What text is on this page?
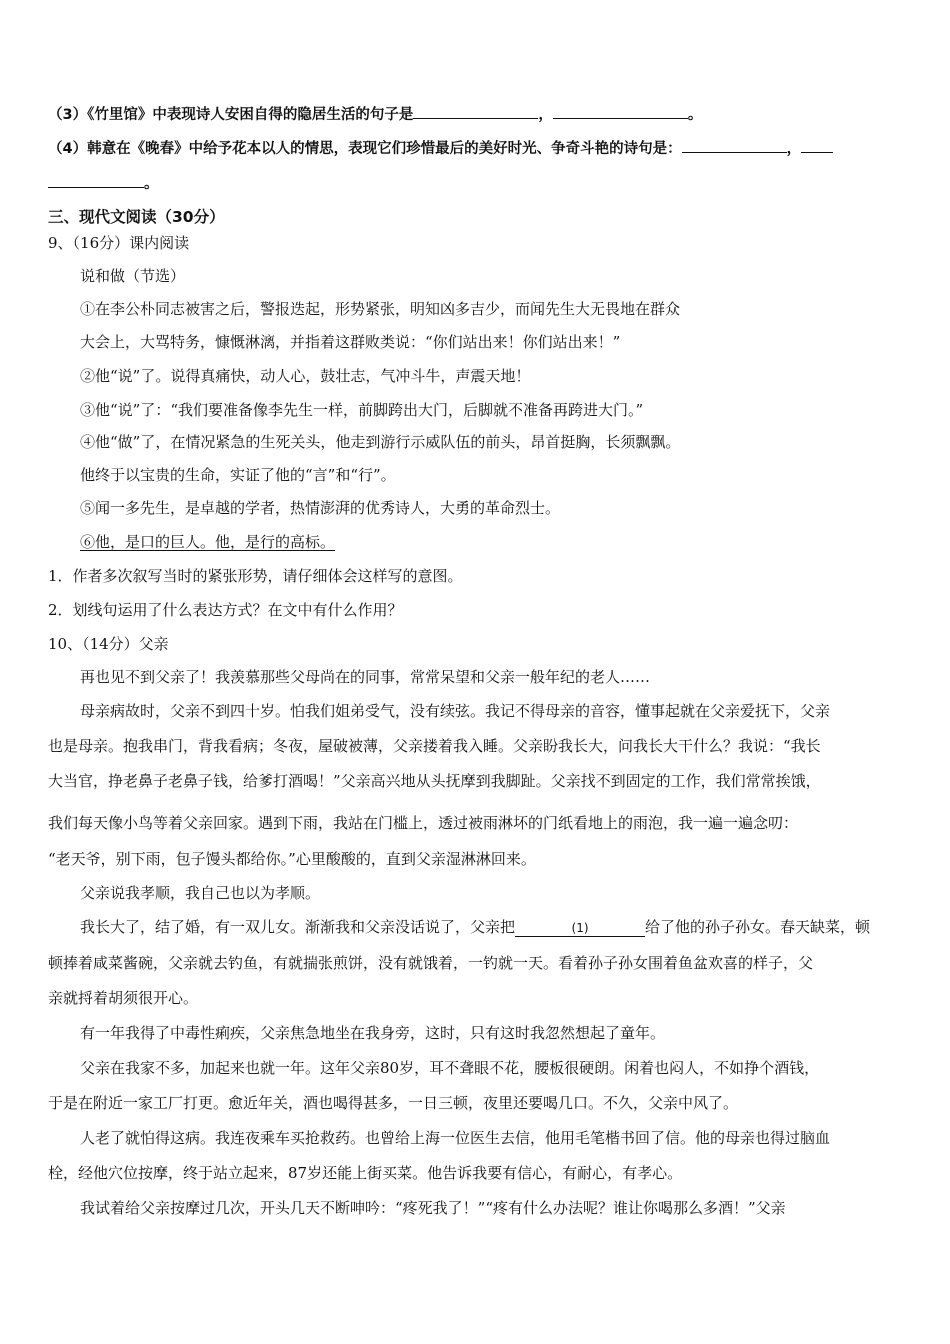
（3）《竹里馆》中表现诗人安困自得的隐居生活的句子是	，	。
（4）韩意在《晚春》中给予花本以人的情思，表现它们珍惜最后的美好时光、争奇斗艳的诗句是：	，
。
三、现代文阅读（30分）
9、（16分）课内阅读
说和做（节选）
①在李公朴同志被害之后，警报迭起，形势紧张，明知凶多吉少，而闻先生大无畏地在群众
大会上，大骂特务，慷慨淋漓，并指着这群败类说：“你们站出来！你们站出来！”
②他“说”了。说得真痛快，动人心，鼓壮志，气冲斗牛，声震天地！
③他“说”了：“我们要准备像李先生一样，前脚跨出大门，后脚就不准备再跨进大门。”
④他“做”了，在情况紧急的生死关头，他走到游行示威队伍的前头，昂首挺胸，长须飘飘。
他终于以宝贵的生命，实证了他的“言”和“行”。
⑤闻一多先生，是卓越的学者，热情澎湃的优秀诗人，大勇的革命烈士。
⑥他，是口的巨人。他，是行的高标。
1．作者多次叙写当时的紧张形势，请仔细体会这样写的意图。
2．划线句运用了什么表达方式？在文中有什么作用？
10、（14分）父亲
再也见不到父亲了！我羡慕那些父母尚在的同事，常常呆望和父亲一般年纪的老人……
母亲病故时，父亲不到四十岁。怕我们姐弟受气，没有续弦。我记不得母亲的音容，懂事起就在父亲爱抚下，父亲
也是母亲。抱我串门，背我看病；冬夜，屋破被薄，父亲搂着我入睡。父亲盼我长大，问我长大干什么？我说：“我长
大当官，挣老鼻子老鼻子钱，给爹打酒喝！”父亲高兴地从头抚摩到我脚趾。父亲找不到固定的工作，我们常常挨饿，
我们每天像小鸟等着父亲回家。遇到下雨，我站在门槛上，透过被雨淋坏的门纸看地上的雨泡，我一遍一遍念叨：
“老天爷，别下雨，包子馒头都给你。”心里酸酸的，直到父亲湿淋淋回来。
父亲说我孝顺，我自己也以为孝顺。
我长大了，结了婚，有一双儿女。渐渐我和父亲没话说了，父亲把	(1)	给了他的孙子孙女。春天缺菜，顿
顿捧着咸菜酱碗，父亲就去钓鱼，有就揣张煎饼，没有就饿着，一钓就一天。看着孙子孙女围着鱼盆欢喜的样子，父
亲就捋着胡须很开心。
有一年我得了中毒性痢疾，父亲焦急地坐在我身旁，这时，只有这时我忽然想起了童年。
父亲在我家不多，加起来也就一年。这年父亲80岁，耳不聋眼不花，腰板很硬朗。闲着也闷人，不如挣个酒钱，
于是在附近一家工厂打更。愈近年关，酒也喝得甚多，一日三顿，夜里还要喝几口。不久，父亲中风了。
人老了就怕得这病。我连夜乘车买抢救药。也曾给上海一位医生去信，他用毛笔楷书回了信。他的母亲也得过脑血
栓，经他穴位按摩，终于站立起来，87岁还能上街买菜。他告诉我要有信心，有耐心，有孝心。
我试着给父亲按摩过几次，开头几天不断呻吟：“疼死我了！”“疼有什么办法呢？谁让你喝那么多酒！”父亲
